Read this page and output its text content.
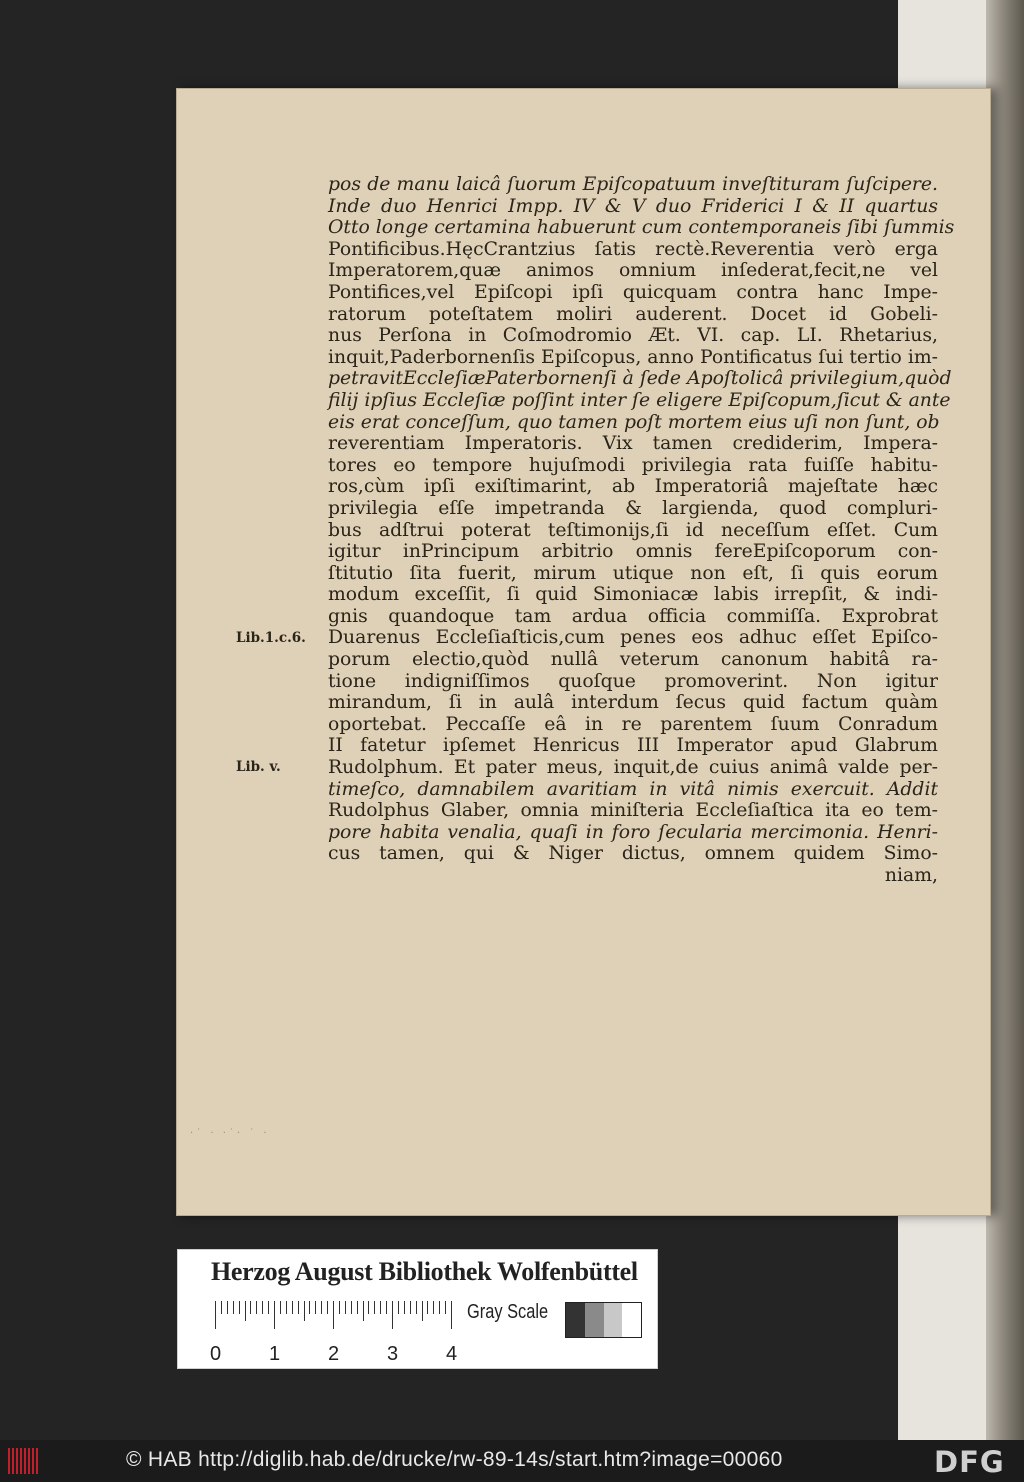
·˙ · ·˙· ˙ ·
pos de manu laicâ ſuorum Epiſcopatuum inveſtituram ſuſcipere.
Inde duo Henrici Impp. IV & V duo Friderici I & II quartus
Otto longe certamina habuerunt cum contemporaneis ſibi ſummis
Pontificibus.HęcCrantzius ſatis rectè.Reverentia verò erga
Imperatorem,quæ animos omnium inſederat,fecit,ne vel
Pontifices,vel Epiſcopi ipſi quicquam contra hanc Impe-
ratorum poteſtatem moliri auderent. Docet id Gobeli-
nus Perſona in Coſmodromio Æt. VI. cap. LI. Rhetarius,
inquit,Paderbornenſis Epiſcopus, anno Pontificatus ſui tertio im-
petravitEccleſiæPaterbornenſi à ſede Apoſtolicâ privilegium,quòd
filij ipſius Eccleſiæ poſſint inter ſe eligere Epiſcopum,ſicut & ante
eis erat conceſſum, quo tamen poſt mortem eius uſi non ſunt, ob
reverentiam Imperatoris. Vix tamen crediderim, Impera-
tores eo tempore hujuſmodi privilegia rata fuiſſe habitu-
ros,cùm ipſi exiſtimarint, ab Imperatoriâ majeſtate hæc
privilegia eſſe impetranda & largienda, quod compluri-
bus adſtrui poterat teſtimonijs,ſi id neceſſum eſſet. Cum
igitur inPrincipum arbitrio omnis fereEpiſcoporum con-
ſtitutio ſita fuerit, mirum utique non eſt, ſi quis eorum
modum exceſſit, ſi quid Simoniacæ labis irrepſit, & indi-
gnis quandoque tam ardua officia commiſſa. Exprobrat
Duarenus Eccleſiaſticis,cum penes eos adhuc eſſet Epiſco-
porum electio,quòd nullâ veterum canonum habitâ ra-
tione indigniſſimos quoſque promoverint. Non igitur
mirandum, ſi in aulâ interdum ſecus quid factum quàm
oportebat. Peccaſſe eâ in re parentem ſuum Conradum
II fatetur ipſemet Henricus III Imperator apud Glabrum
Rudolphum. Et pater meus, inquit,de cuius animâ valde per-
timeſco, damnabilem avaritiam in vitâ nimis exercuit. Addit
Rudolphus Glaber, omnia miniſteria Eccleſiaſtica ita eo tem-
pore habita venalia, quaſi in foro ſecularia mercimonia. Henri-
cus tamen, qui & Niger dictus, omnem quidem Simo-
niam,
Lib.1.c.6.
Lib. v.
Herzog August Bibliothek Wolfenbüttel
0 1 2 3 4
Gray Scale
© HAB http://diglib.hab.de/drucke/rw-89-14s/start.htm?image=00060	DFG
